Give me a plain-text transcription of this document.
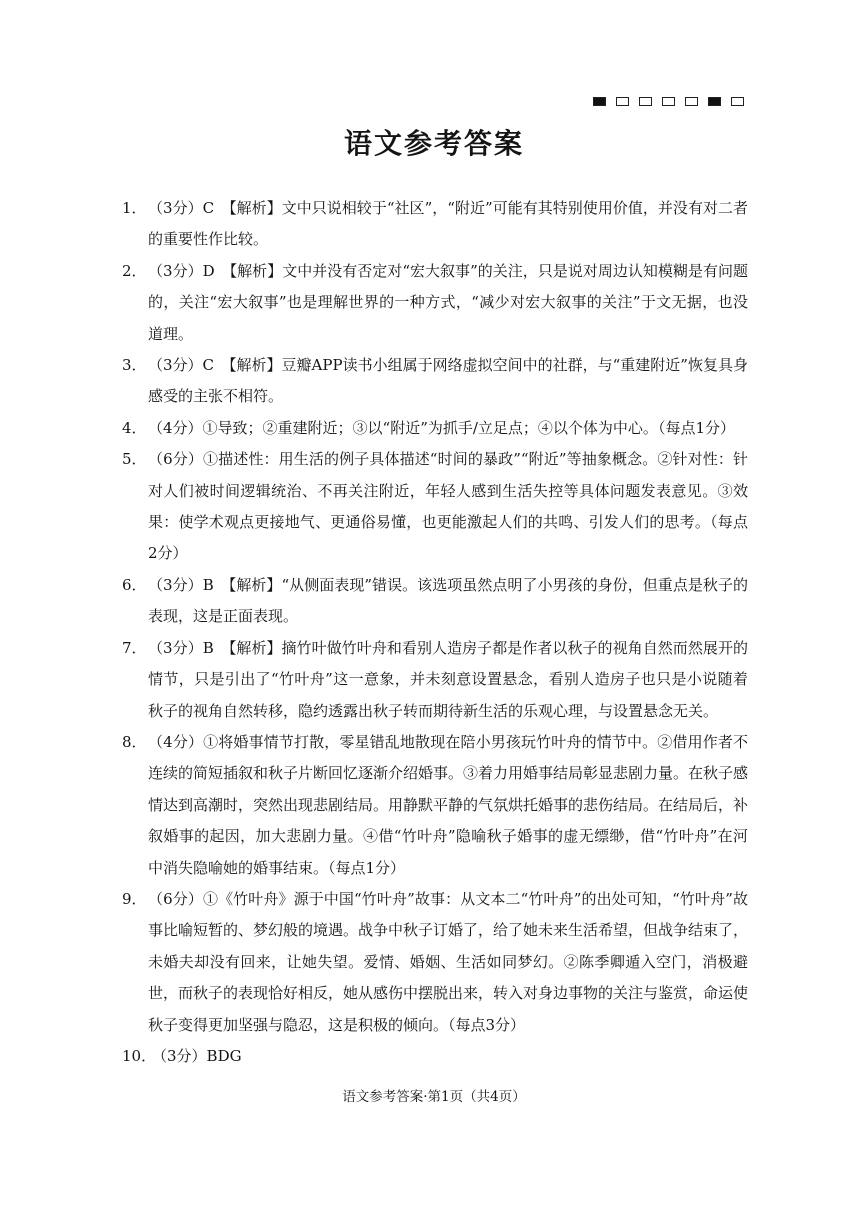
语文参考答案
1． （3分）C　【解析】文中只说相较于“社区”，“附近”可能有其特别使用价值，并没有对二者的重要性作比较。
2． （3分）D　【解析】文中并没有否定对“宏大叙事”的关注，只是说对周边认知模糊是有问题的，关注“宏大叙事”也是理解世界的一种方式，“减少对宏大叙事的关注”于文无据，也没道理。
3． （3分）C　【解析】豆瓣APP读书小组属于网络虚拟空间中的社群，与“重建附近”恢复具身感受的主张不相符。
4． （4分）①导致；②重建附近；③以“附近”为抓手/立足点；④以个体为中心。（每点1分）
5． （6分）①描述性：用生活的例子具体描述“时间的暴政”“附近”等抽象概念。②针对性：针对人们被时间逻辑统治、不再关注附近，年轻人感到生活失控等具体问题发表意见。③效果：使学术观点更接地气、更通俗易懂，也更能激起人们的共鸣、引发人们的思考。（每点2分）
6． （3分）B　【解析】“从侧面表现”错误。该选项虽然点明了小男孩的身份，但重点是秋子的表现，这是正面表现。
7． （3分）B　【解析】摘竹叶做竹叶舟和看别人造房子都是作者以秋子的视角自然而然展开的情节，只是引出了“竹叶舟”这一意象，并未刻意设置悬念，看别人造房子也只是小说随着秋子的视角自然转移，隐约透露出秋子转而期待新生活的乐观心理，与设置悬念无关。
8． （4分）①将婚事情节打散，零星错乱地散现在陪小男孩玩竹叶舟的情节中。②借用作者不连续的简短插叙和秋子片断回忆逐渐介绍婚事。③着力用婚事结局彰显悲剧力量。在秋子感情达到高潮时，突然出现悲剧结局。用静默平静的气氛烘托婚事的悲伤结局。在结局后，补叙婚事的起因，加大悲剧力量。④借“竹叶舟”隐喻秋子婚事的虚无缥缈，借“竹叶舟”在河中消失隐喻她的婚事结束。（每点1分）
9． （6分）①《竹叶舟》源于中国“竹叶舟”故事：从文本二“竹叶舟”的出处可知，“竹叶舟”故事比喻短暂的、梦幻般的境遇。战争中秋子订婚了，给了她未来生活希望，但战争结束了，未婚夫却没有回来，让她失望。爱情、婚姻、生活如同梦幻。②陈季卿遁入空门，消极避世，而秋子的表现恰好相反，她从感伤中摆脱出来，转入对身边事物的关注与鉴赏，命运使秋子变得更加坚强与隐忍，这是积极的倾向。（每点3分）
10．
（3分）BDG
语文参考答案·第1页（共4页）
